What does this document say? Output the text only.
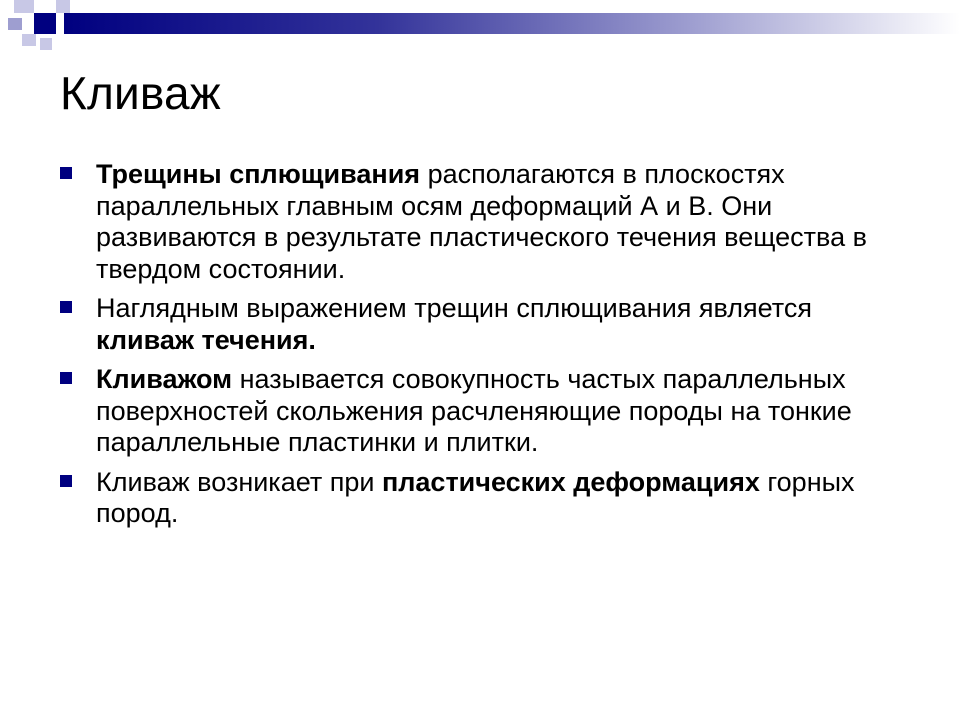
Кливаж
Трещины сплющивания располагаются в плоскостях параллельных главным осям деформаций А и В. Они развиваются в результате пластического течения вещества в твердом состоянии.
Наглядным выражением трещин сплющивания является кливаж течения.
Кливажом называется совокупность частых параллельных поверхностей скольжения расчленяющие породы на тонкие параллельные пластинки и плитки.
Кливаж возникает при пластических деформациях горных пород.
